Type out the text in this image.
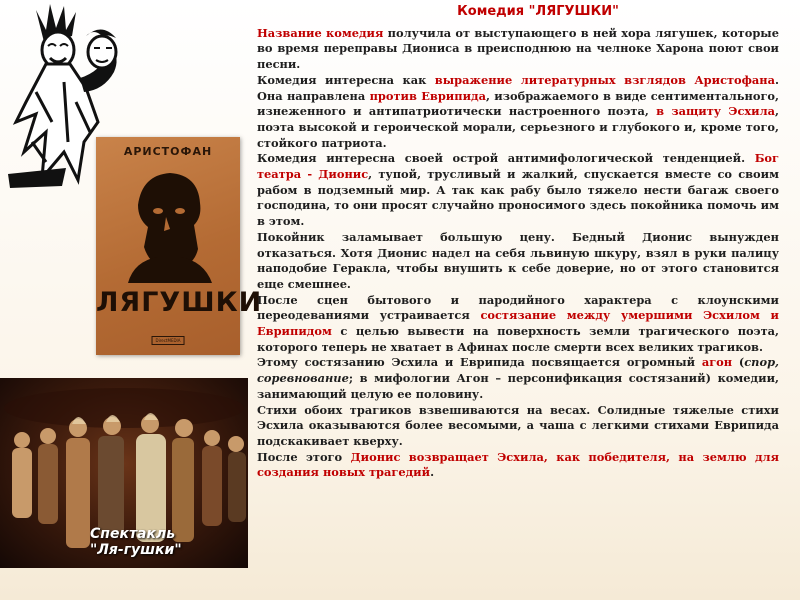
АРИСТОФАН
ЛЯГУШКИ
DirectMEDIA
Спектакль
"Ля-гушки"
Комедия "ЛЯГУШКИ"

Название комедия получила от выступающего в ней хора лягушек, которые во время переправы Диониса в преисподнюю на челноке Харона поют свои песни.

Комедия интересна как выражение литературных взглядов Аристофана. Она направлена против Еврипида, изображаемого в виде сентиментального, изнеженного и антипатриотически настроенного поэта, в защиту Эсхила, поэта высокой и героической морали, серьезного и глубокого и, кроме того, стойкого патриота.

Комедия интересна своей острой антимифологической тенденцией. Бог театра - Дионис, тупой, трусливый и жалкий, спускается вместе со своим рабом в подземный мир. А так как рабу было тяжело нести багаж своего господина, то они просят случайно проносимого здесь покойника помочь им в этом.

Покойник заламывает большую цену. Бедный Дионис вынужден отказаться. Хотя Дионис надел на себя львиную шкуру, взял в руки палицу наподобие Геракла, чтобы внушить к себе доверие, но от этого становится еще смешнее.

После сцен бытового и пародийного характера с клоунскими переодеваниями устраивается состязание между умершими Эсхилом и Еврипидом с целью вывести на поверхность земли трагического поэта, которого теперь не хватает в Афинах после смерти всех великих трагиков.

Этому состязанию Эсхила и Еврипида посвящается огромный агон (спор, соревнование; в мифологии Агон – персонификация состязаний) комедии, занимающий целую ее половину.

Стихи обоих трагиков взвешиваются на весах. Солидные тяжелые стихи Эсхила оказываются более весомыми, а чаша с легкими стихами Еврипида подскакивает кверху.

После этого Дионис возвращает Эсхила, как победителя, на землю для создания новых трагедий.
